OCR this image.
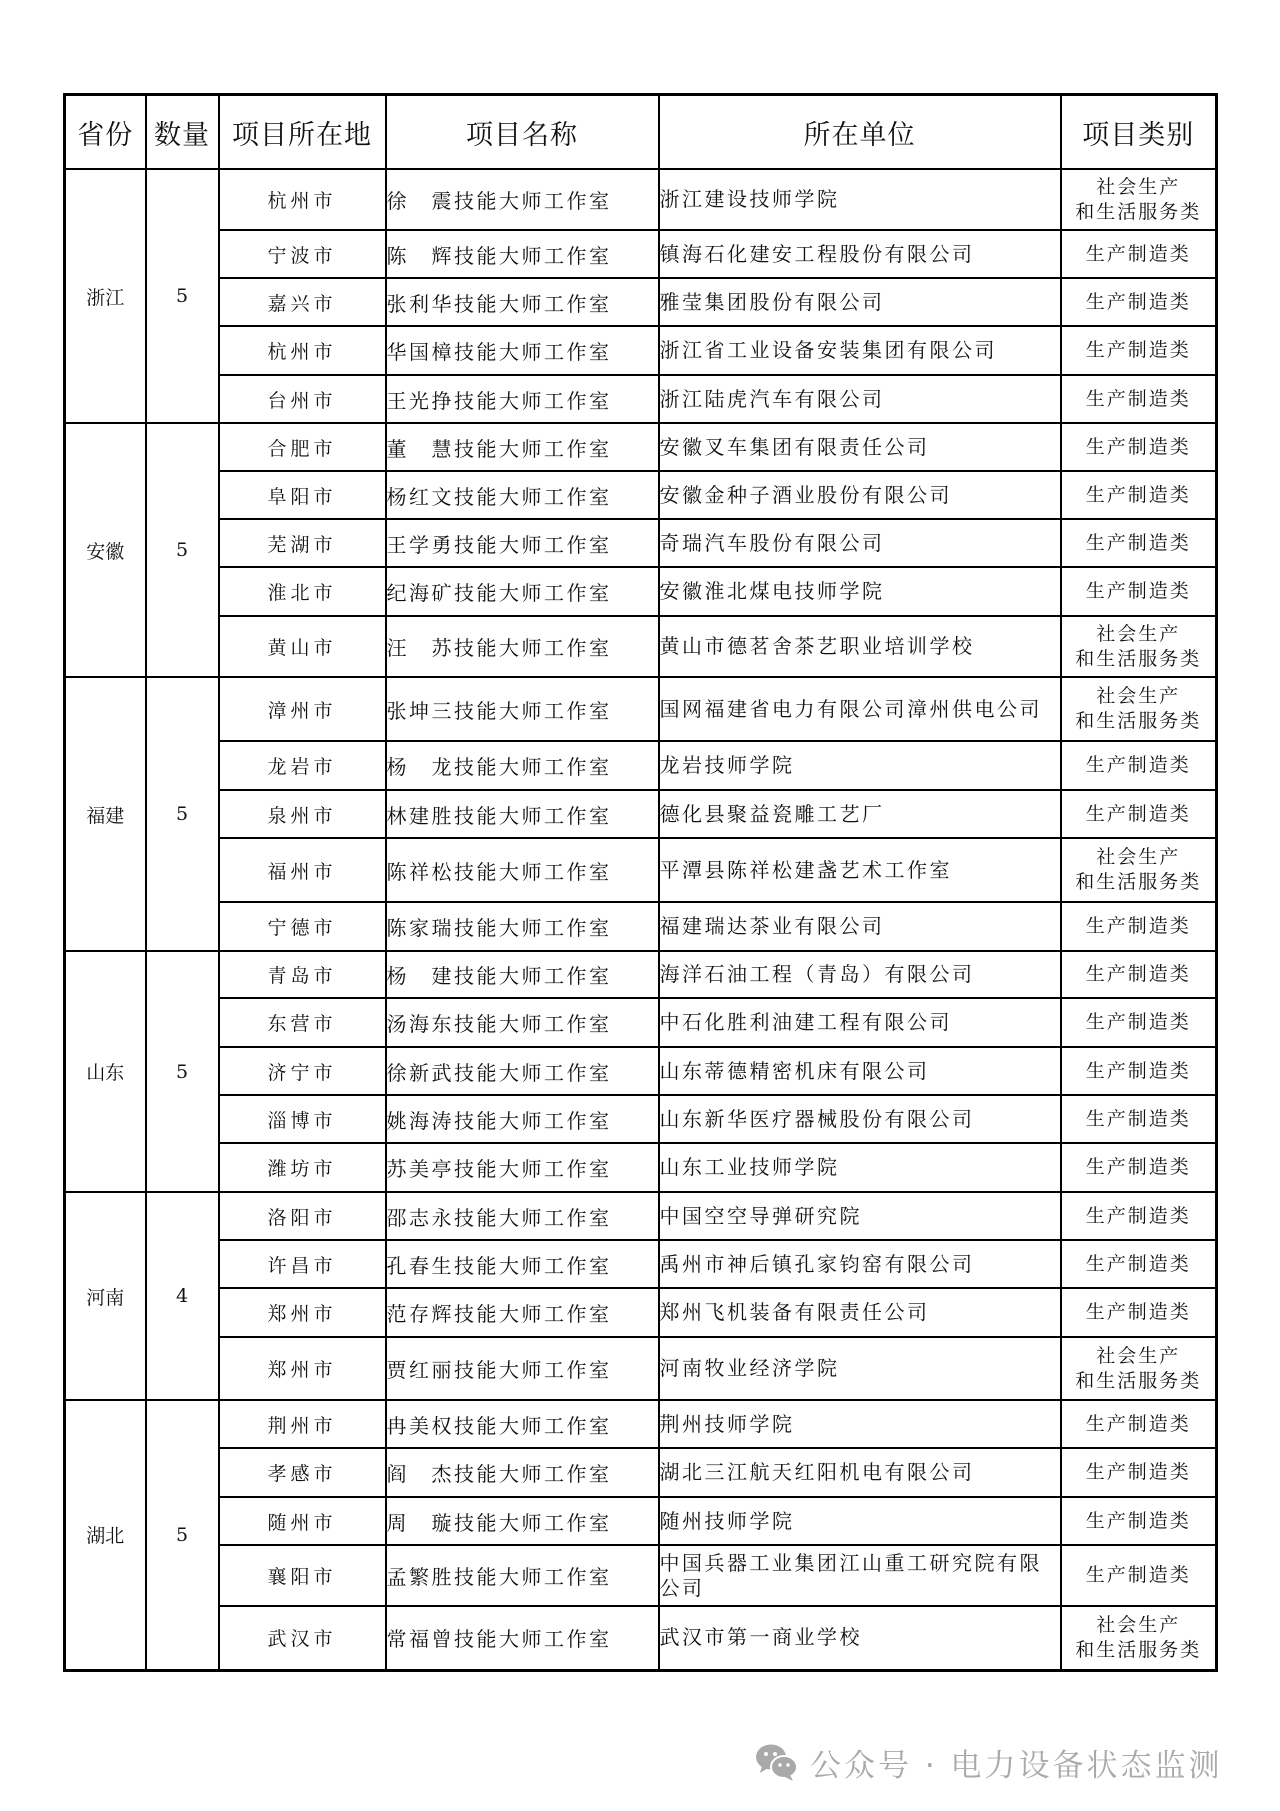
省份	数量	项目所在地	项目名称	所在单位	项目类别
浙江	5	杭州市	徐　震技能大师工作室	浙江建设技师学院	社会生产
和生活服务类
		宁波市	陈　辉技能大师工作室	镇海石化建安工程股份有限公司	生产制造类
		嘉兴市	张利华技能大师工作室	雅莹集团股份有限公司	生产制造类
		杭州市	华国樟技能大师工作室	浙江省工业设备安装集团有限公司	生产制造类
		台州市	王光挣技能大师工作室	浙江陆虎汽车有限公司	生产制造类
安徽	5	合肥市	董　慧技能大师工作室	安徽叉车集团有限责任公司	生产制造类
		阜阳市	杨红文技能大师工作室	安徽金种子酒业股份有限公司	生产制造类
		芜湖市	王学勇技能大师工作室	奇瑞汽车股份有限公司	生产制造类
		淮北市	纪海矿技能大师工作室	安徽淮北煤电技师学院	生产制造类
		黄山市	汪　苏技能大师工作室	黄山市德茗舍茶艺职业培训学校	社会生产
和生活服务类
福建	5	漳州市	张坤三技能大师工作室	国网福建省电力有限公司漳州供电公司	社会生产
和生活服务类
		龙岩市	杨　龙技能大师工作室	龙岩技师学院	生产制造类
		泉州市	林建胜技能大师工作室	德化县聚益瓷雕工艺厂	生产制造类
		福州市	陈祥松技能大师工作室	平潭县陈祥松建盏艺术工作室	社会生产
和生活服务类
		宁德市	陈家瑞技能大师工作室	福建瑞达茶业有限公司	生产制造类
山东	5	青岛市	杨　建技能大师工作室	海洋石油工程（青岛）有限公司	生产制造类
		东营市	汤海东技能大师工作室	中石化胜利油建工程有限公司	生产制造类
		济宁市	徐新武技能大师工作室	山东蒂德精密机床有限公司	生产制造类
		淄博市	姚海涛技能大师工作室	山东新华医疗器械股份有限公司	生产制造类
		潍坊市	苏美亭技能大师工作室	山东工业技师学院	生产制造类
河南	4	洛阳市	邵志永技能大师工作室	中国空空导弹研究院	生产制造类
		许昌市	孔春生技能大师工作室	禹州市神后镇孔家钧窑有限公司	生产制造类
		郑州市	范存辉技能大师工作室	郑州飞机装备有限责任公司	生产制造类
		郑州市	贾红丽技能大师工作室	河南牧业经济学院	社会生产
和生活服务类
湖北	5	荆州市	冉美权技能大师工作室	荆州技师学院	生产制造类
		孝感市	阎　杰技能大师工作室	湖北三江航天红阳机电有限公司	生产制造类
		随州市	周　璇技能大师工作室	随州技师学院	生产制造类
		襄阳市	孟繁胜技能大师工作室	中国兵器工业集团江山重工研究院有限公司	生产制造类
		武汉市	常福曾技能大师工作室	武汉市第一商业学校	社会生产
和生活服务类
公众号 · 电力设备状态监测
